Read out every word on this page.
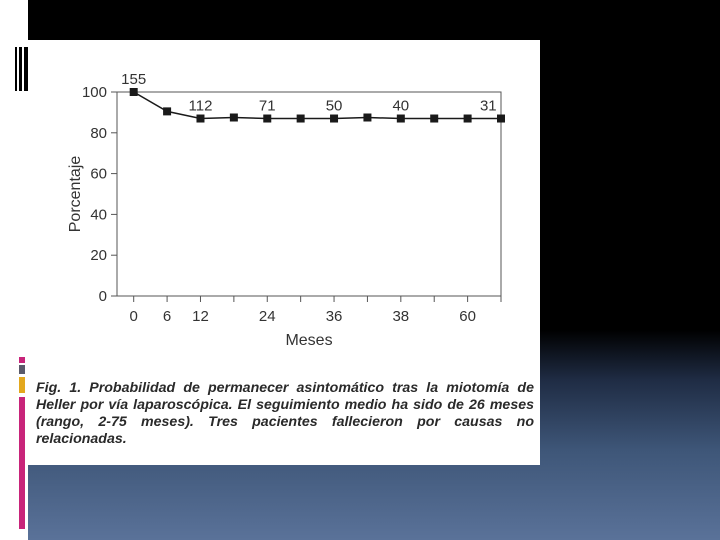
0
20
40
60
80
100
0 6 12	24	36	38	60
Meses
Porcentaje
155
112	71	50	40	31

Fig. 1. Probabilidad de permanecer asintomático tras la miotomía de Heller por vía laparoscópica. El seguimiento medio ha sido de 26 meses (rango, 2-75 meses). Tres pacientes fallecieron por causas no relacionadas.
